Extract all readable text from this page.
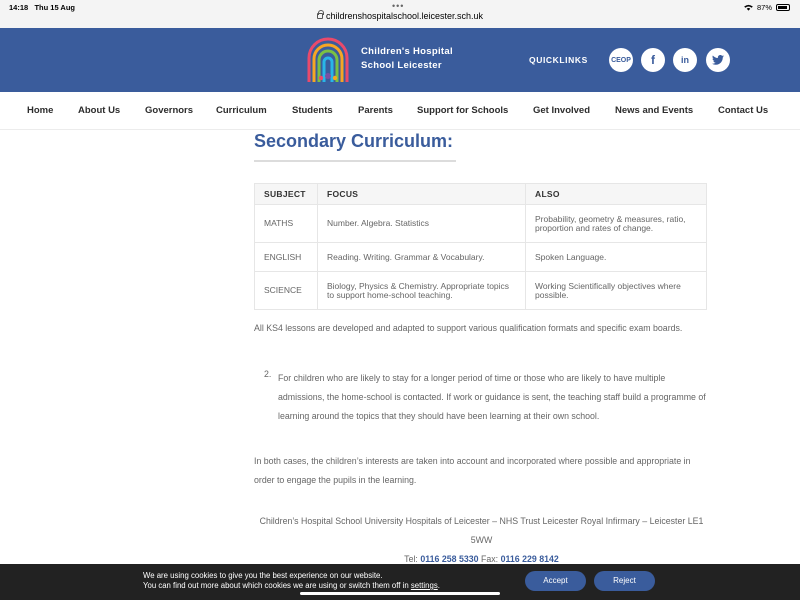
14:18 Thu 15 Aug	•••
childrenshospitalschool.leicester.sch.uk
87%
Children's Hospital
School Leicester	QUICKLINKS	CEOP	f	in
Home	About Us	Governors Curriculum	Students	Parents	Support for Schools	Get Involved	News and Events	Contact Us
Secondary Curriculum:
SUBJECT	FOCUS	ALSO
MATHS	Number. Algebra. Statistics	Probability, geometry & measures, ratio, proportion and rates of change.
ENGLISH	Reading. Writing. Grammar & Vocabulary.	Spoken Language.
SCIENCE	Biology, Physics & Chemistry. Appropriate topics to support home-school teaching.	Working Scientifically objectives where possible.

All KS4 lessons are developed and adapted to support various qualification formats and specific exam boards.

2. For children who are likely to stay for a longer period of time or those who are likely to have multiple admissions, the home-school is contacted. If work or guidance is sent, the teaching staff build a programme of learning around the topics that they should have been learning at their own school.

In both cases, the children’s interests are taken into account and incorporated where possible and appropriate in order to engage the pupils in the learning.

Children’s Hospital School University Hospitals of Leicester – NHS Trust Leicester Royal Infirmary – Leicester LE1 5WW
Tel: 0116 258 5330 Fax: 0116 229 8142
We are using cookies to give you the best experience on our website.
You can find out more about which cookies we are using or switch them off in settings.
Accept	Reject
